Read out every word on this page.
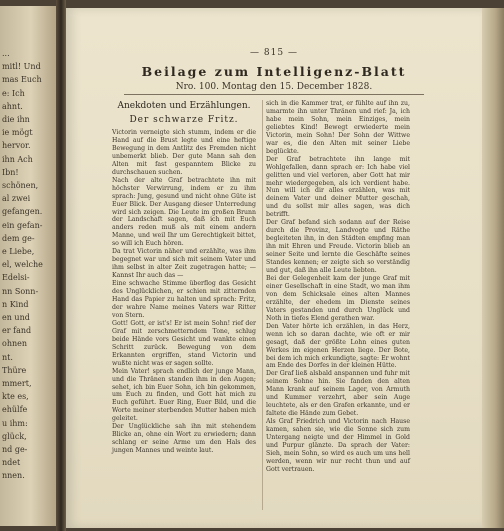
...
mitl! Und
mas Euch
e: Ich
ahnt.
die ihn
ie mögt
hervor.
ihn Ach
Ibn!
schönen,
al zwei
gefangen.
ein gefan-
dem ge-
e Liebe,
el, welche
Edelsi-
nn Sonn-
n Kind
en und
er fand
ohnen
nt.
Thüre
mmert,
kte es,
ehülfe
u ihm:
glück,
nd ge-
ndet
nnen.
— 815 —
Beilage zum Intelligenz-Blatt
Nro. 100. Montag den 15. December 1828.
Anekdoten und Erzählungen.
Der schwarze Fritz.
Victorin verneigte sich stumm, indem er die Hand auf die Brust legte und eine heftige Bewegung in dem Antlitz des Fremden nicht unbemerkt blieb. Der gute Mann sah den Alten mit fast gespanntem Blicke zu durchschauen suchen.
Nach der alte Graf betrachtete ihn mit höchster Verwirrung, indem er zu ihm sprach: Jung, gesund und nicht ohne Güte ist Euer Blick. Der Ausgang dieser Unterredung wird sich zeigen. Die Leute im großen Brunn der Landschaft sagen, daß ich mit Euch anders reden muß als mit einem andern Manne, und weil Ihr um Gerechtigkeit bittet, so will ich Euch hören.
Da trat Victorin näher und erzählte, was ihm begegnet war und sich mit seinem Vater und ihm selbst in alter Zeit zugetragen hatte; — Kannst Ihr auch das —
Eine schwache Stimme überflog das Gesicht des Unglücklichen, er schien mit zitternden Hand das Papier zu halten und sprach: Fritz, der wahre Name meines Vaters war Ritter von Stern.
Gott! Gott, er ist's! Er ist mein Sohn! rief der Graf mit zerschmetterndem Tone, schlug beide Hände vors Gesicht und wankte einen Schritt zurück. Bewegung von dem Erkannten ergriffen, stand Victorin und wußte nicht was er sagen sollte.
Mein Vater! sprach endlich der junge Mann, und die Thränen standen ihm in den Augen; sehet, ich bin Euer Sohn, ich bin gekommen, um Euch zu finden, und Gott hat mich zu Euch geführt. Euer Ring, Euer Bild, und die Worte meiner sterbenden Mutter haben mich geleitet.
Der Unglückliche sah ihn mit stehendem Blicke an, ohne ein Wort zu erwiedern; dann schlang er seine Arme um den Hals des jungen Mannes und weinte laut.
sich in die Kammer trat, er fühlte auf ihn zu, umarmte ihn unter Thränen und rief: Ja, ich habe mein Sohn, mein Einziges, mein geliebtes Kind! Bewegt erwiederte mein Victorin, mein Sohn! Der Sohn der Wittwe war es, die den Alten mit seiner Liebe beglückte.
Der Graf betrachtete ihn lange mit Wohlgefallen, dann sprach er: Ich habe viel gelitten und viel verloren, aber Gott hat mir mehr wiedergegeben, als ich verdient habe. Nun will ich dir alles erzählen, was mit deinem Vater und deiner Mutter geschah, und du sollst mir alles sagen, was dich betrifft.
Der Graf befand sich sodann auf der Reise durch die Provinz, Landvogte und Räthe begleiteten ihn, in den Städten empfing man ihn mit Ehren und Freude. Victorin blieb an seiner Seite und lernte die Geschäfte seines Standes kennen; er zeigte sich so verständig und gut, daß ihn alle Leute liebten.
Bei der Gelegenheit kam der junge Graf mit einer Gesellschaft in eine Stadt, wo man ihm von dem Schicksale eines alten Mannes erzählte, der ehedem im Dienste seines Vaters gestanden und durch Unglück und Noth in tiefes Elend gerathen war.
Den Vater hörte ich erzählen, in das Herz, wenn ich so daran dachte, wie oft er mir gesagt, daß der größte Lohn eines guten Werkes im eigenen Herzen liege. Der Bote, bei dem ich mich erkundigte, sagte: Er wohnt am Ende des Dorfes in der kleinen Hütte.
Der Graf ließ alsbald anspannen und fuhr mit seinem Sohne hin. Sie fanden den alten Mann krank auf seinem Lager, von Armuth und Kummer verzehrt, aber sein Auge leuchtete, als er den Grafen erkannte, und er faltete die Hände zum Gebet.
Als Graf Friedrich und Victorin nach Hause kamen, sahen sie, wie die Sonne sich zum Untergang neigte und der Himmel in Gold und Purpur glänzte. Da sprach der Vater: Sieh, mein Sohn, so wird es auch um uns hell werden, wenn wir nur recht thun und auf Gott vertrauen.
